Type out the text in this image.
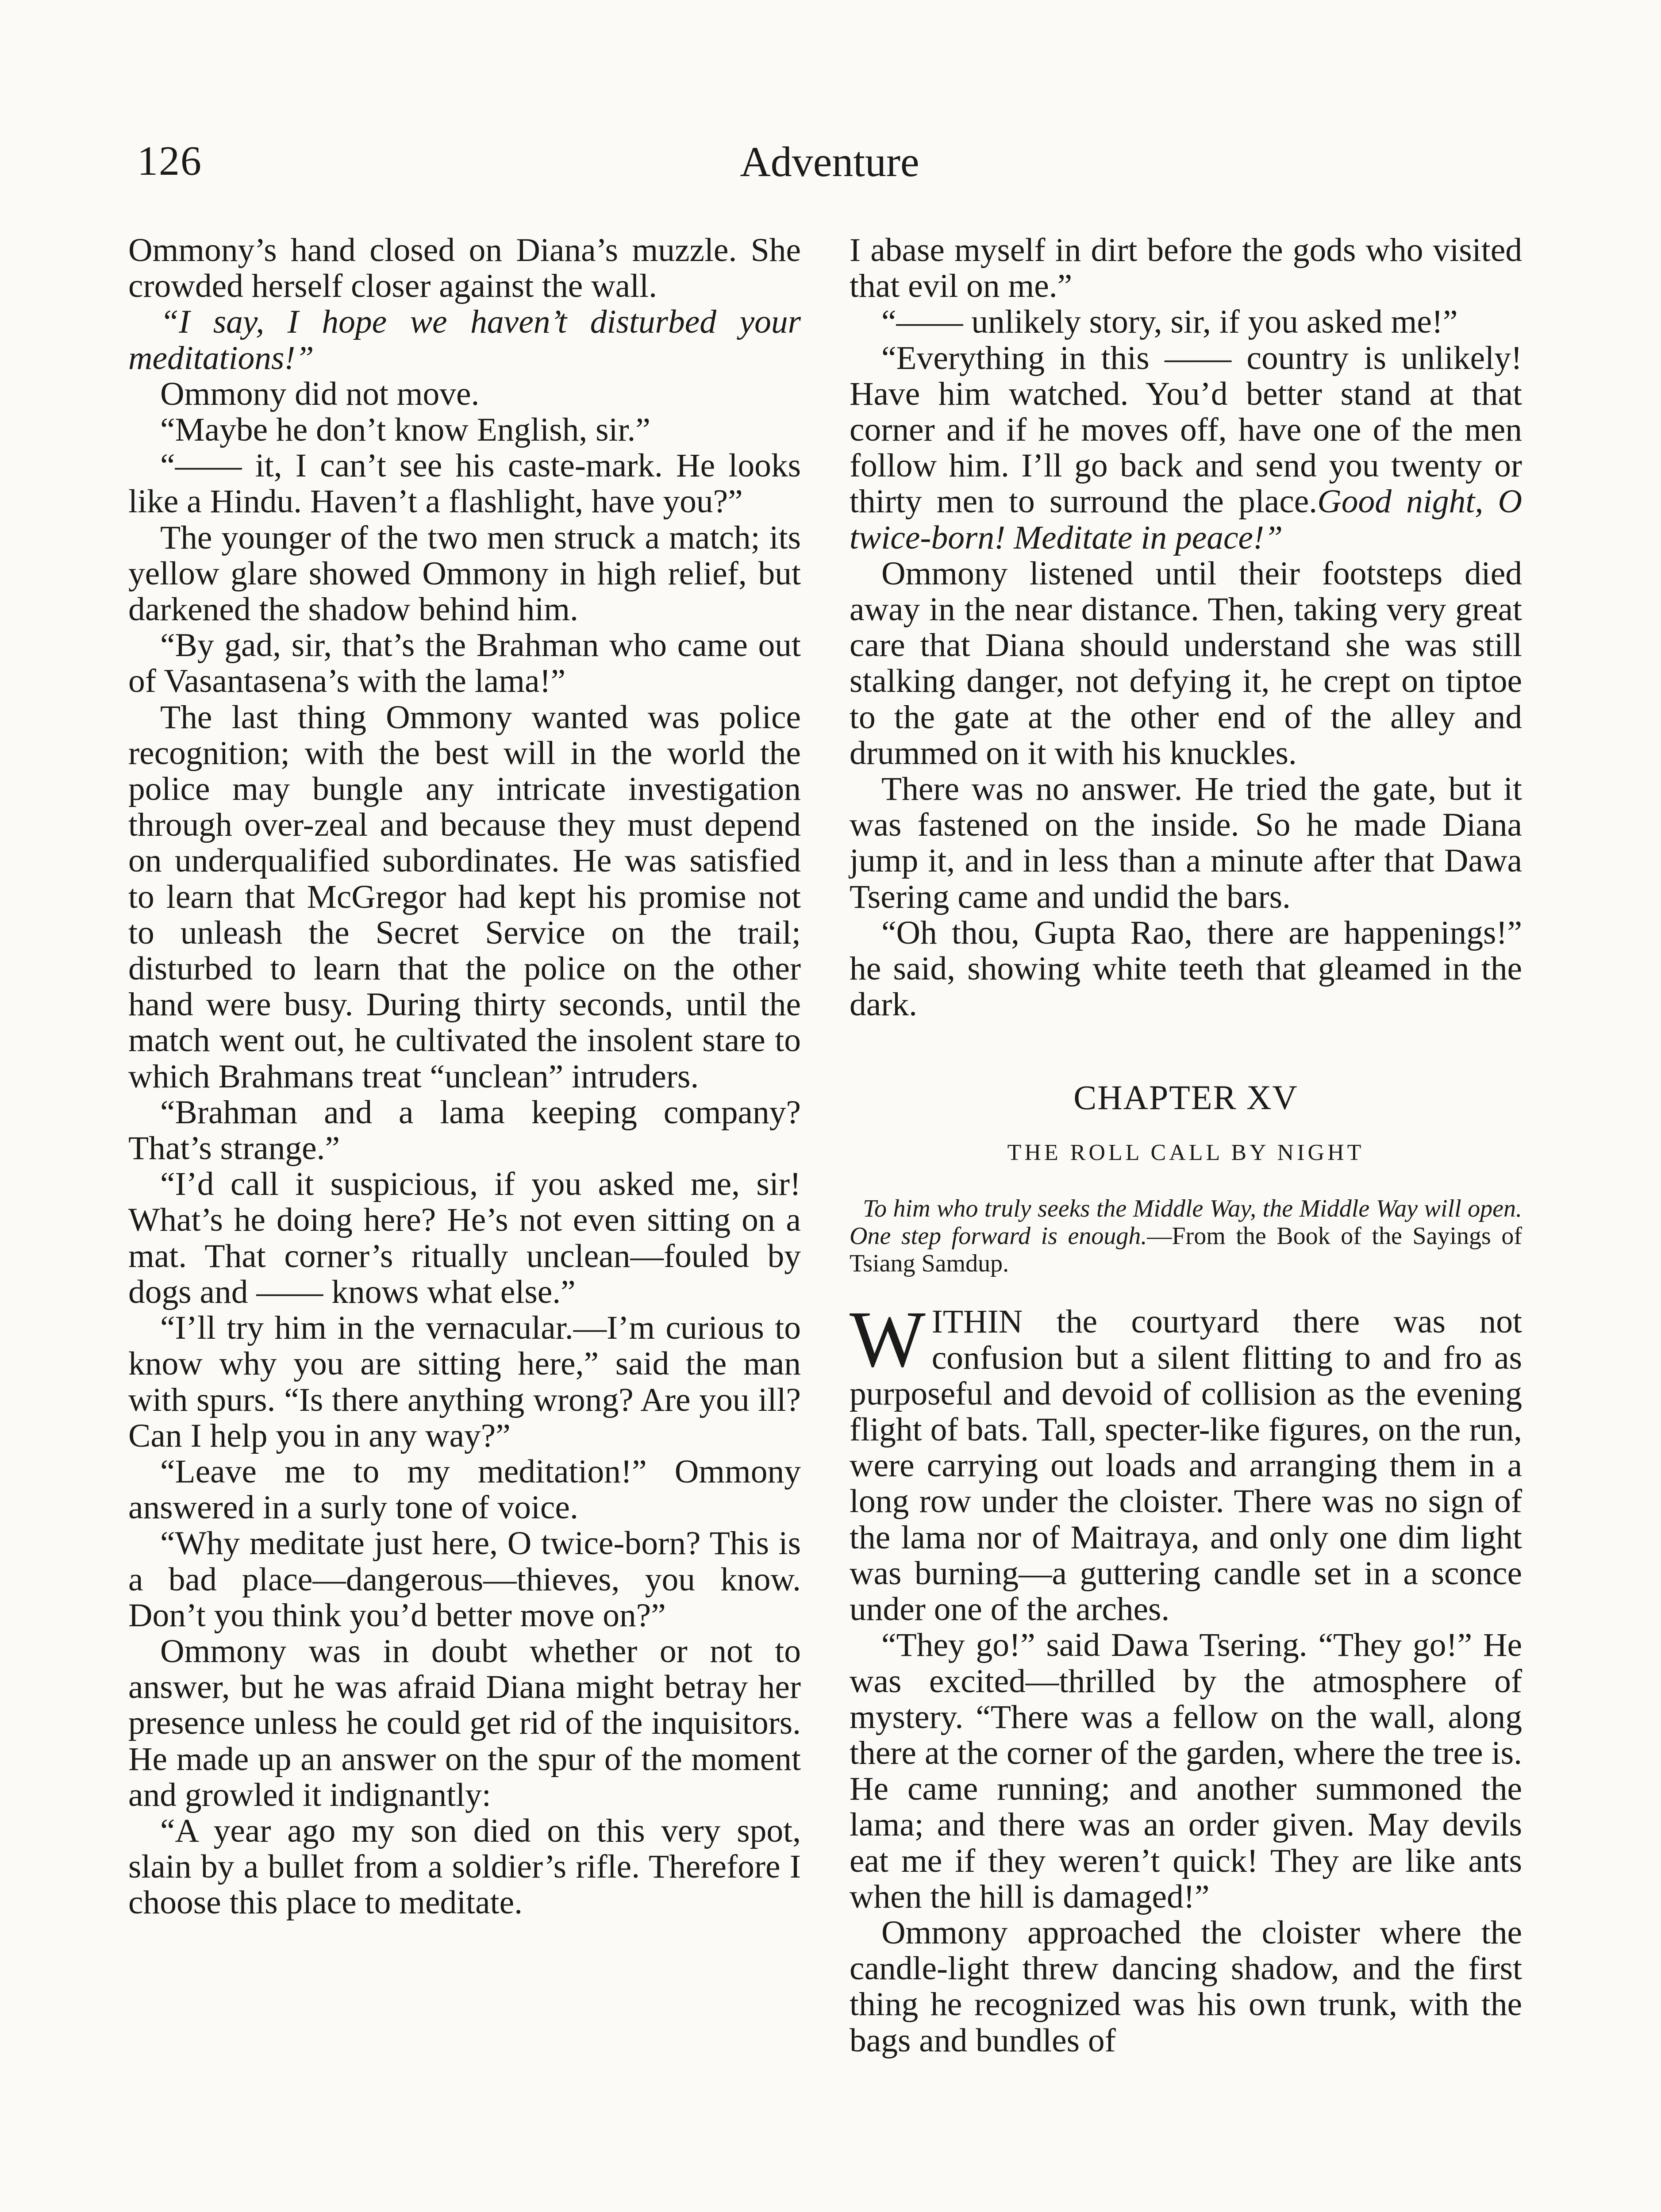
126	Adventure

Ommony’s hand closed on Diana’s muzzle. She crowded herself closer against the wall.

“I say, I hope we haven’t disturbed your meditations!”

Ommony did not move.

“Maybe he don’t know English, sir.”

“—— it, I can’t see his caste-mark. He looks like a Hindu. Haven’t a flashlight, have you?”

The younger of the two men struck a match; its yellow glare showed Ommony in high relief, but darkened the shadow behind him.

“By gad, sir, that’s the Brahman who came out of Vasantasena’s with the lama!”

The last thing Ommony wanted was police recognition; with the best will in the world the police may bungle any intricate investigation through over-zeal and because they must depend on underqualified subordinates. He was satisfied to learn that McGregor had kept his promise not to unleash the Secret Service on the trail; disturbed to learn that the police on the other hand were busy. During thirty seconds, until the match went out, he cultivated the insolent stare to which Brahmans treat “unclean” intruders.

“Brahman and a lama keeping company? That’s strange.”

“I’d call it suspicious, if you asked me, sir! What’s he doing here? He’s not even sitting on a mat. That corner’s ritually unclean—fouled by dogs and —— knows what else.”

“I’ll try him in the vernacular.—I’m curious to know why you are sitting here,” said the man with spurs. “Is there anything wrong? Are you ill? Can I help you in any way?”

“Leave me to my meditation!” Ommony answered in a surly tone of voice.

“Why meditate just here, O twice-born? This is a bad place—dangerous—thieves, you know. Don’t you think you’d better move on?”

Ommony was in doubt whether or not to answer, but he was afraid Diana might betray her presence unless he could get rid of the inquisitors. He made up an answer on the spur of the moment and growled it indignantly:

“A year ago my son died on this very spot, slain by a bullet from a soldier’s rifle. Therefore I choose this place to meditate.

I abase myself in dirt before the gods who visited that evil on me.”

“—— unlikely story, sir, if you asked me!”

“Everything in this —— country is unlikely! Have him watched. You’d better stand at that corner and if he moves off, have one of the men follow him. I’ll go back and send you twenty or thirty men to surround the place.Good night, O twice-born! Meditate in peace!”

Ommony listened until their footsteps died away in the near distance. Then, taking very great care that Diana should understand she was still stalking danger, not defying it, he crept on tiptoe to the gate at the other end of the alley and drummed on it with his knuckles.

There was no answer. He tried the gate, but it was fastened on the inside. So he made Diana jump it, and in less than a minute after that Dawa Tsering came and undid the bars.

“Oh thou, Gupta Rao, there are happenings!” he said, showing white teeth that gleamed in the dark.

CHAPTER XV
THE ROLL CALL BY NIGHT
To him who truly seeks the Middle Way, the Middle Way will open. One step forward is enough.—From the Book of the Sayings of Tsiang Samdup.

WITHIN the courtyard there was not confusion but a silent flitting to and fro as purposeful and devoid of collision as the evening flight of bats. Tall, specter-like figures, on the run, were carrying out loads and arranging them in a long row under the cloister. There was no sign of the lama nor of Maitraya, and only one dim light was burning—a guttering candle set in a sconce under one of the arches.

“They go!” said Dawa Tsering. “They go!” He was excited—thrilled by the atmosphere of mystery. “There was a fellow on the wall, along there at the corner of the garden, where the tree is. He came running; and another summoned the lama; and there was an order given. May devils eat me if they weren’t quick! They are like ants when the hill is damaged!”

Ommony approached the cloister where the candle-light threw dancing shadow, and the first thing he recognized was his own trunk, with the bags and bundles of
